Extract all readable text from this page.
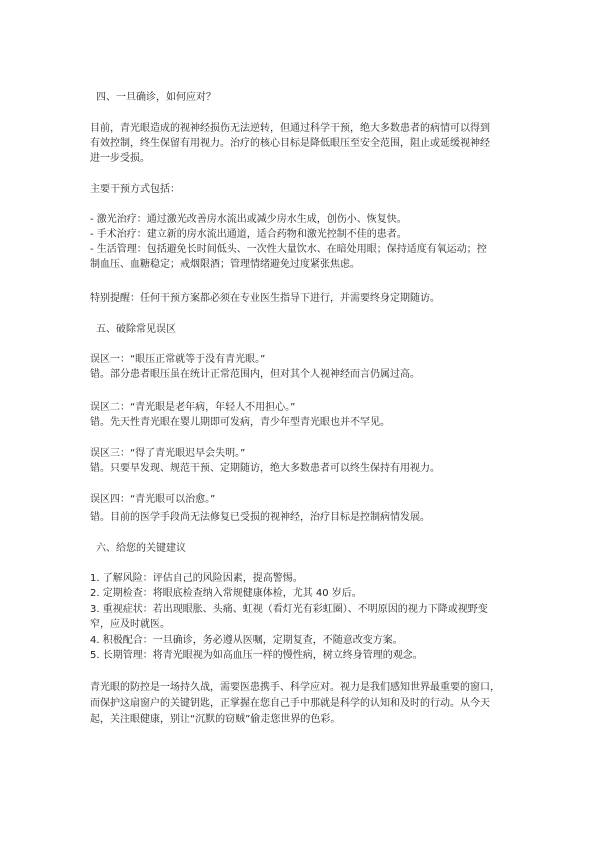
四、一旦确诊，如何应对？
目前，青光眼造成的视神经损伤无法逆转，但通过科学干预，绝大多数患者的病情可以得到
有效控制，终生保留有用视力。治疗的核心目标是降低眼压至安全范围，阻止或延缓视神经
进一步受损。
主要干预方式包括：
- 激光治疗：通过激光改善房水流出或减少房水生成，创伤小、恢复快。
- 手术治疗：建立新的房水流出通道，适合药物和激光控制不佳的患者。
- 生活管理：包括避免长时间低头、一次性大量饮水、在暗处用眼；保持适度有氧运动；控
制血压、血糖稳定；戒烟限酒；管理情绪避免过度紧张焦虑。
特别提醒：任何干预方案都必须在专业医生指导下进行，并需要终身定期随访。
五、破除常见误区
误区一：“眼压正常就等于没有青光眼。”
错。部分患者眼压虽在统计正常范围内，但对其个人视神经而言仍属过高。
误区二：“青光眼是老年病，年轻人不用担心。”
错。先天性青光眼在婴儿期即可发病，青少年型青光眼也并不罕见。
误区三：“得了青光眼迟早会失明。”
错。只要早发现、规范干预、定期随访，绝大多数患者可以终生保持有用视力。
误区四：“青光眼可以治愈。”
错。目前的医学手段尚无法修复已受损的视神经，治疗目标是控制病情发展。
六、给您的关键建议
1. 了解风险：评估自己的风险因素，提高警惕。
2. 定期检查：将眼底检查纳入常规健康体检，尤其 40 岁后。
3. 重视症状：若出现眼胀、头痛、虹视（看灯光有彩虹圈）、不明原因的视力下降或视野变
窄，应及时就医。
4. 积极配合：一旦确诊，务必遵从医嘱，定期复查，不随意改变方案。
5. 长期管理：将青光眼视为如高血压一样的慢性病，树立终身管理的观念。
青光眼的防控是一场持久战，需要医患携手、科学应对。视力是我们感知世界最重要的窗口，
而保护这扇窗户的关键钥匙，正掌握在您自己手中那就是科学的认知和及时的行动。从今天
起，关注眼健康，别让“沉默的窃贼”偷走您世界的色彩。
